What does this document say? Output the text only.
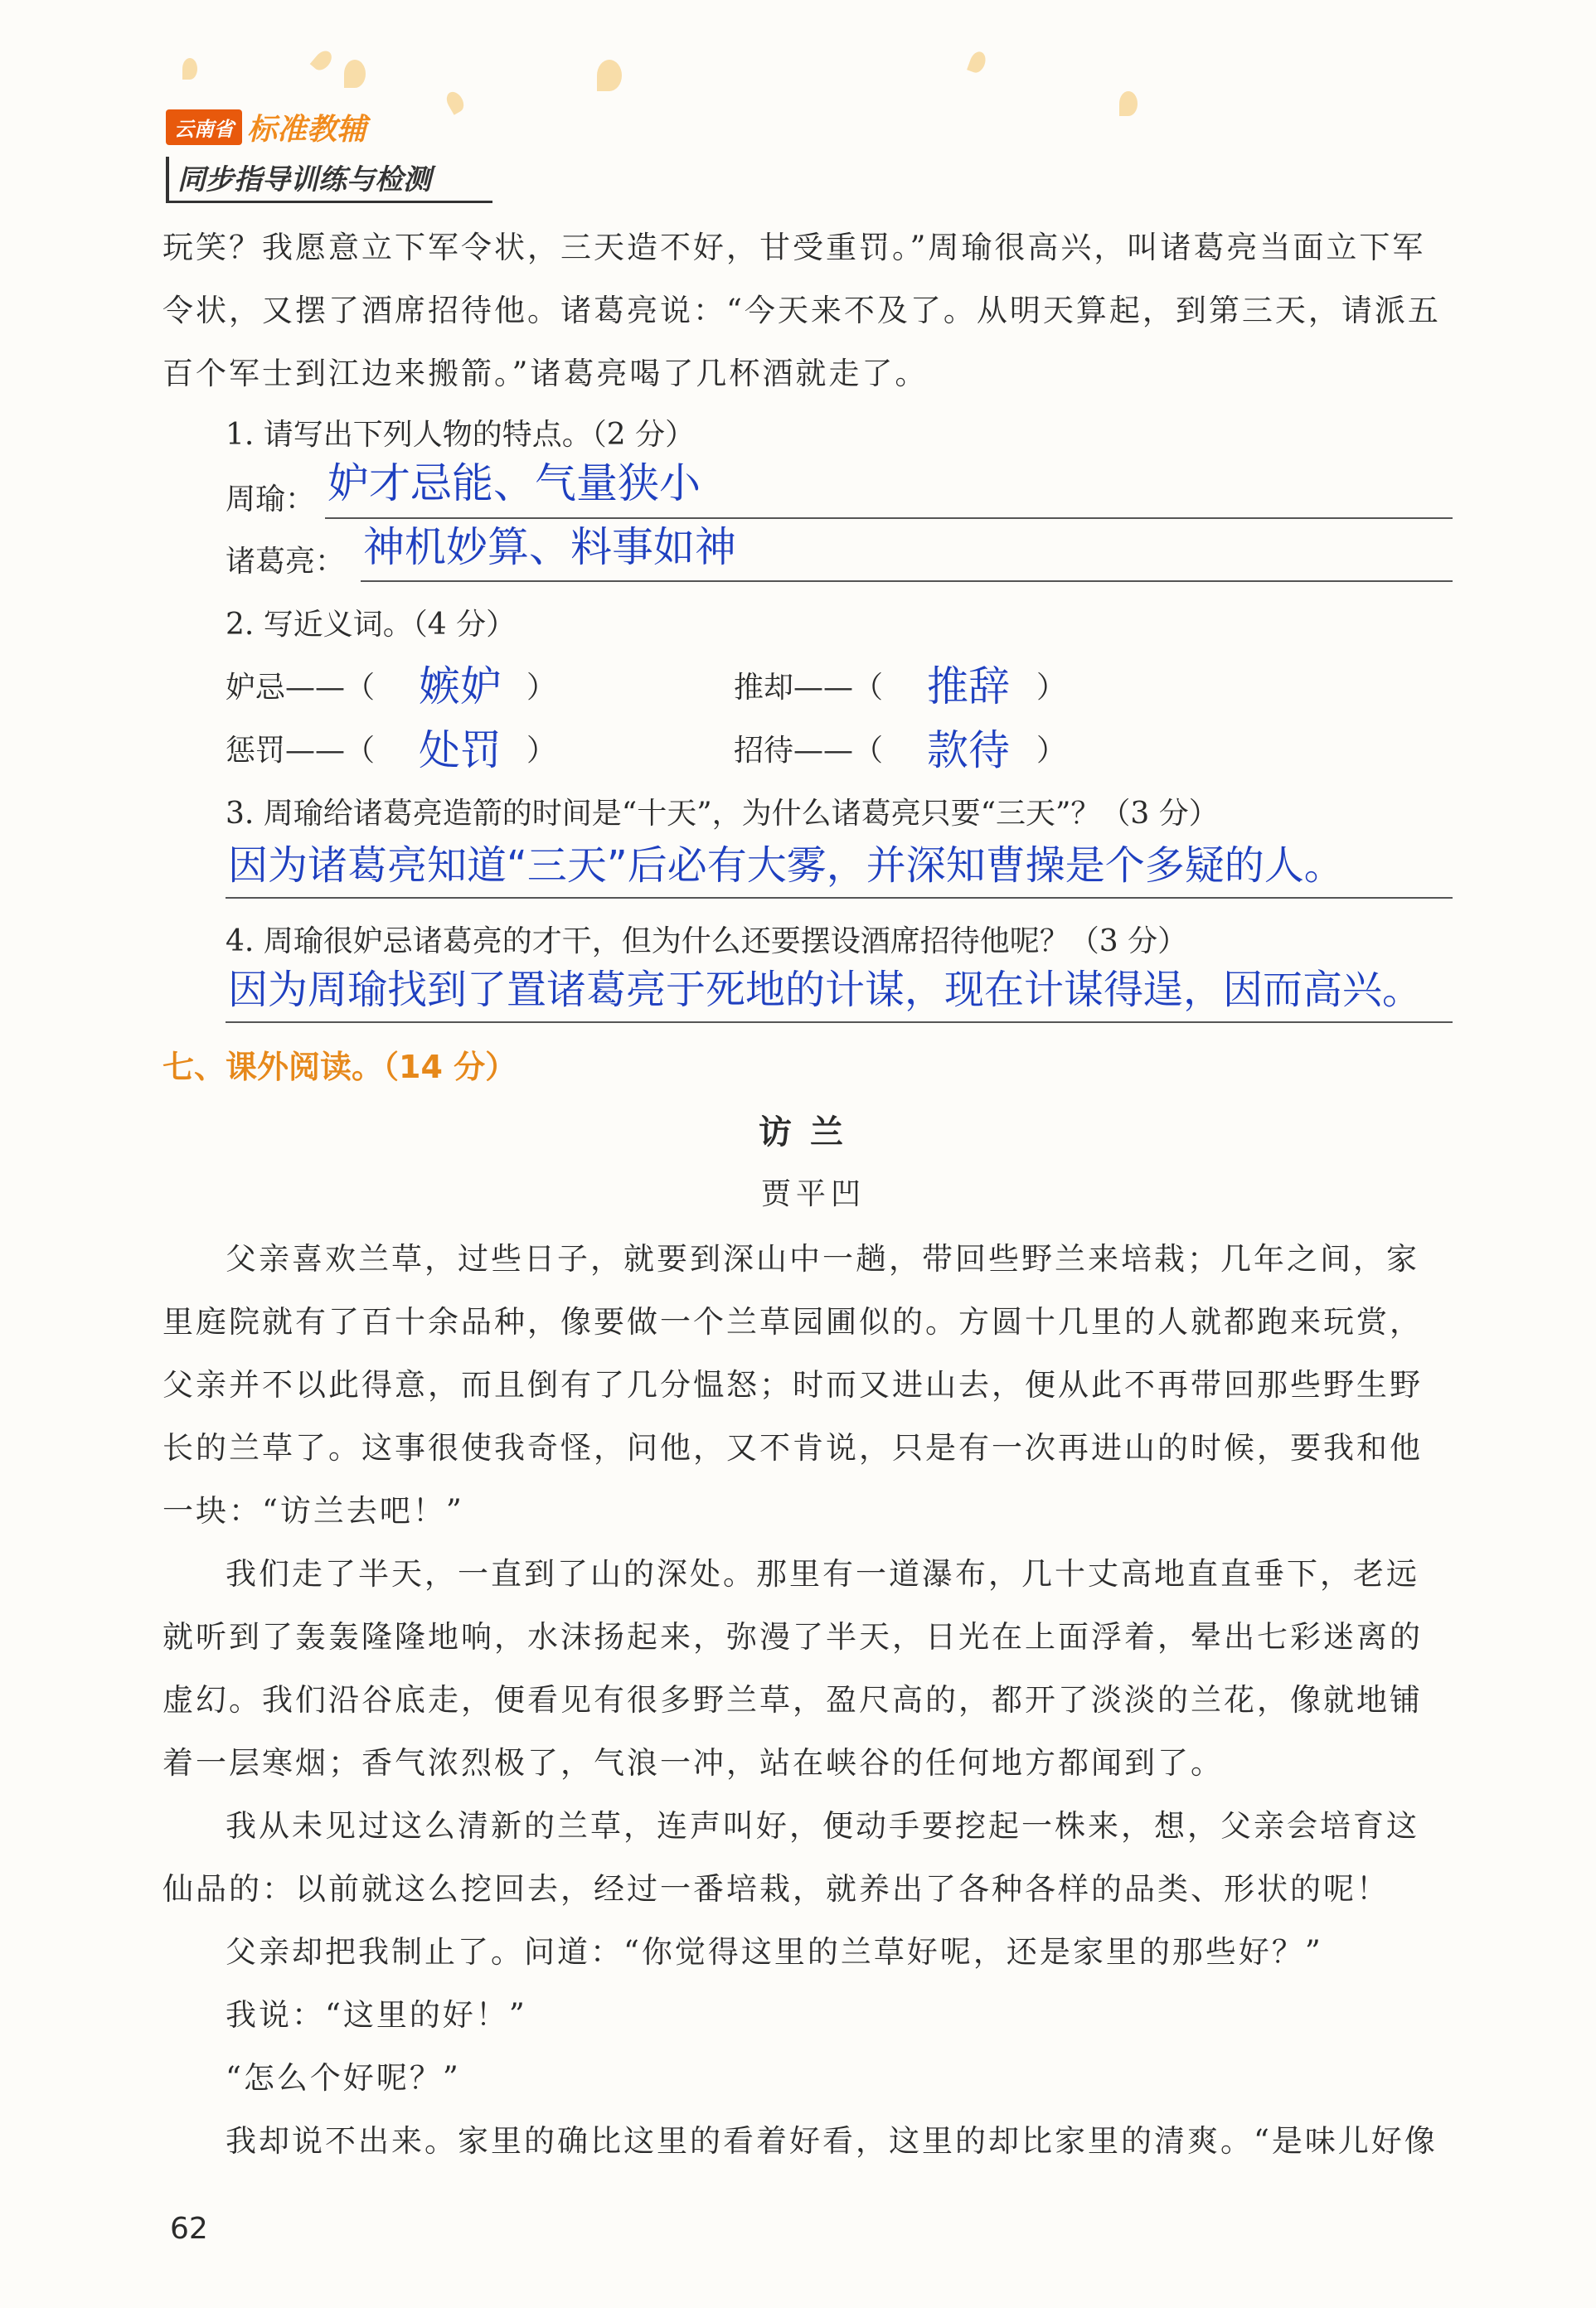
云南省 标准教辅
同步指导训练与检测
玩笑？我愿意立下军令状，三天造不好，甘受重罚。”周瑜很高兴，叫诸葛亮当面立下军
令状，又摆了酒席招待他。诸葛亮说：“今天来不及了。从明天算起，到第三天，请派五
百个军士到江边来搬箭。”诸葛亮喝了几杯酒就走了。
1. 请写出下列人物的特点。（2 分）
周瑜： 妒才忌能、气量狭小
诸葛亮： 神机妙算、料事如神
2. 写近义词。（4 分）
妒忌——（ 嫉妒 ）	推却——（ 推辞 ）
惩罚——（ 处罚 ）	招待——（ 款待 ）
3. 周瑜给诸葛亮造箭的时间是“十天”，为什么诸葛亮只要“三天”？（3 分）
因为诸葛亮知道“三天”后必有大雾，并深知曹操是个多疑的人。
4. 周瑜很妒忌诸葛亮的才干，但为什么还要摆设酒席招待他呢？（3 分）
因为周瑜找到了置诸葛亮于死地的计谋，现在计谋得逞，因而高兴。
七、课外阅读。（14 分）
访兰
贾平凹
父亲喜欢兰草，过些日子，就要到深山中一趟，带回些野兰来培栽；几年之间，家
里庭院就有了百十余品种，像要做一个兰草园圃似的。方圆十几里的人就都跑来玩赏，
父亲并不以此得意，而且倒有了几分愠怒；时而又进山去，便从此不再带回那些野生野
长的兰草了。这事很使我奇怪，问他，又不肯说，只是有一次再进山的时候，要我和他
一块：“访兰去吧！”
我们走了半天，一直到了山的深处。那里有一道瀑布，几十丈高地直直垂下，老远
就听到了轰轰隆隆地响，水沫扬起来，弥漫了半天，日光在上面浮着，晕出七彩迷离的
虚幻。我们沿谷底走，便看见有很多野兰草，盈尺高的，都开了淡淡的兰花，像就地铺
着一层寒烟；香气浓烈极了，气浪一冲，站在峡谷的任何地方都闻到了。
我从未见过这么清新的兰草，连声叫好，便动手要挖起一株来，想，父亲会培育这
仙品的：以前就这么挖回去，经过一番培栽，就养出了各种各样的品类、形状的呢！
父亲却把我制止了。问道：“你觉得这里的兰草好呢，还是家里的那些好？”
我说：“这里的好！”
“怎么个好呢？”
我却说不出来。家里的确比这里的看着好看，这里的却比家里的清爽。“是味儿好像
62
